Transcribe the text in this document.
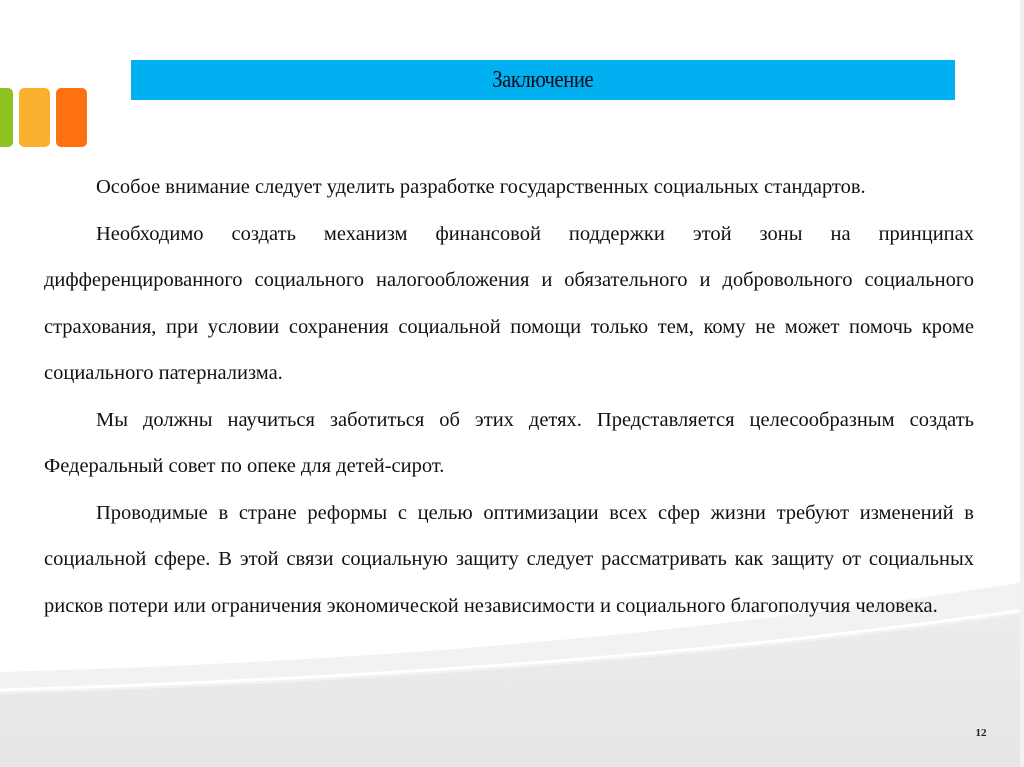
Заключение

Особое внимание следует уделить разработке государственных социальных стандартов.

Необходимо создать механизм финансовой поддержки этой зоны на принципах дифференцированного социального налогообложения и обязательного и добровольного социального страхования, при условии сохранения социальной помощи только тем, кому не может помочь кроме социального патернализма.

Мы должны научиться заботиться об этих детях. Представляется целесообразным создать Федеральный совет по опеке для детей-сирот.

Проводимые в стране реформы с целью оптимизации всех сфер жизни требуют изменений в социальной сфере. В этой связи социальную защиту следует рассматривать как защиту от социальных рисков потери или ограничения экономической независимости и социального благополучия человека.

12
